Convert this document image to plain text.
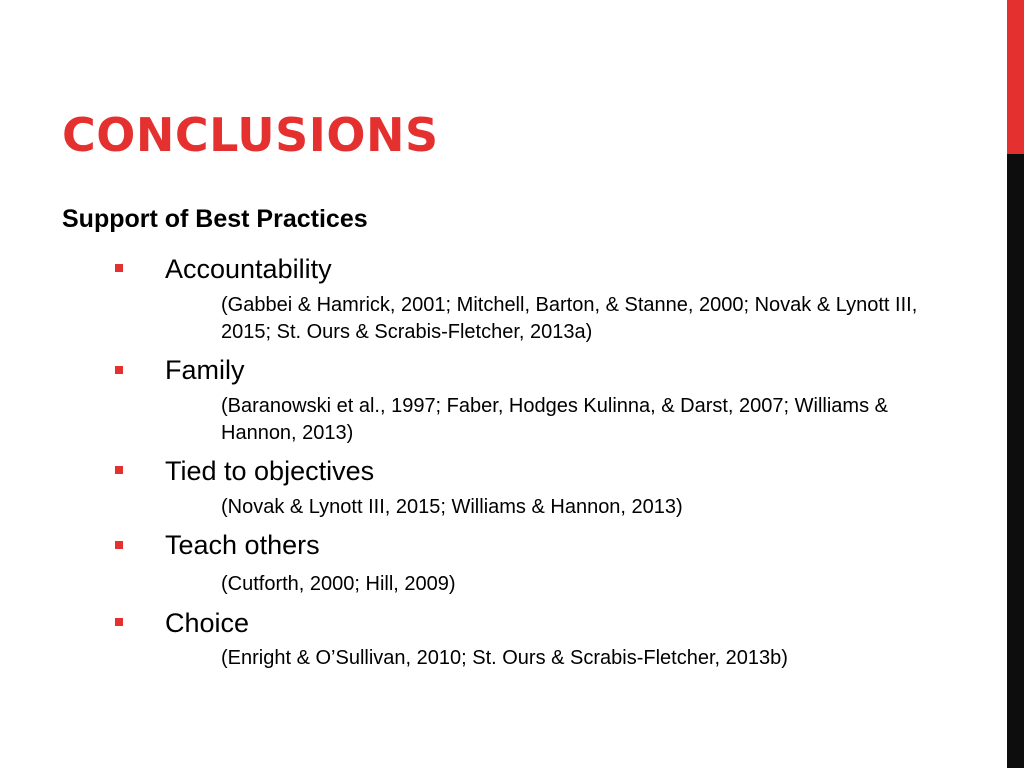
CONCLUSIONS
Support of Best Practices
Accountability
(Gabbei & Hamrick, 2001; Mitchell, Barton, & Stanne, 2000; Novak & Lynott III, 2015; St. Ours & Scrabis-Fletcher, 2013a)
Family
(Baranowski et al., 1997; Faber, Hodges Kulinna, & Darst, 2007; Williams & Hannon, 2013)
Tied to objectives
(Novak & Lynott III, 2015; Williams & Hannon, 2013)
Teach others
(Cutforth, 2000; Hill, 2009)
Choice
(Enright & O’Sullivan, 2010; St. Ours & Scrabis-Fletcher, 2013b)
